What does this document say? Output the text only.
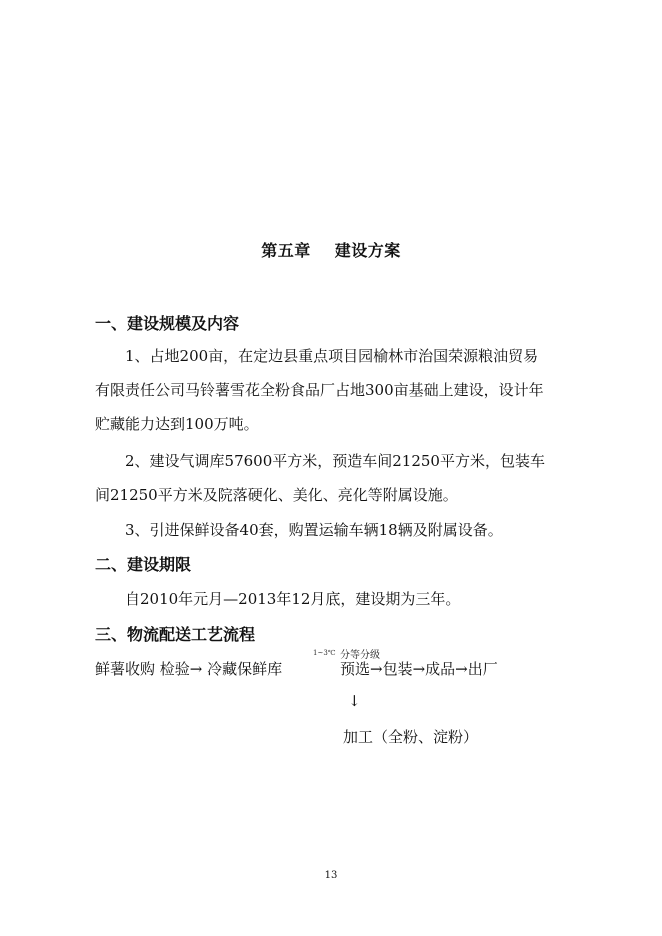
第五章 建设方案
一、建设规模及内容
1、占地200亩，在定边县重点项目园榆林市治国荣源粮油贸易
有限责任公司马铃薯雪花全粉食品厂占地300亩基础上建设，设计年
贮藏能力达到100万吨。
2、建设气调库57600平方米，预造车间21250平方米，包装车
间21250平方米及院落硬化、美化、亮化等附属设施。
3、引进保鲜设备40套，购置运输车辆18辆及附属设备。
二、建设期限
自2010年元月—2013年12月底，建设期为三年。
三、物流配送工艺流程
1~3℃ 分等分级
鲜薯收购 检验→ 冷藏保鲜库	预选→包装→成品→出厂
↓
加工（全粉、淀粉）
13
